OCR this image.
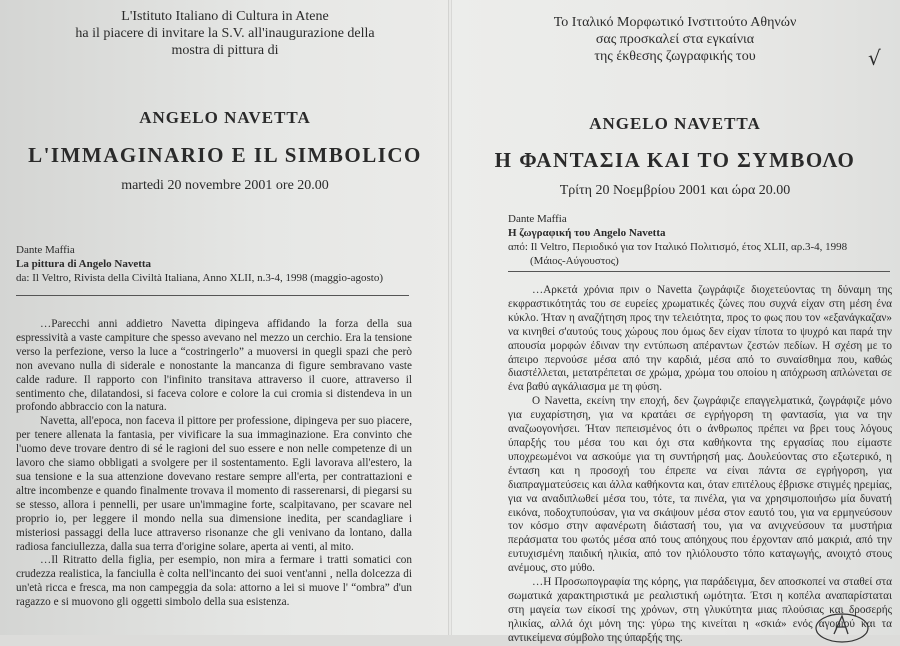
L'Istituto Italiano di Cultura in Atene
ha il piacere di invitare la S.V. all'inaugurazione della
mostra di pittura di
ANGELO NAVETTA
L'IMMAGINARIO E IL SIMBOLICO
martedi 20 novembre 2001 ore 20.00
Dante Maffia
La pittura di Angelo Navetta
da: Il Veltro, Rivista della Civiltà Italiana, Anno XLII, n.3-4, 1998 (maggio-agosto)

…Parecchi anni addietro Navetta dipingeva affidando la forza della sua espressività a vaste campiture che spesso avevano nel mezzo un cerchio. Era la tensione verso la perfezione, verso la luce a “costringerlo” a muoversi in quegli spazi che però non avevano nulla di siderale e nonostante la mancanza di figure sembravano vaste calde radure. Il rapporto con l'infinito transitava attraverso il cuore, attraverso il sentimento che, dilatandosi, si faceva colore e colore la cui cromia si distendeva in un profondo abbraccio con la natura.

Navetta, all'epoca, non faceva il pittore per professione, dipingeva per suo piacere, per tenere allenata la fantasia, per vivificare la sua immaginazione. Era convinto che l'uomo deve trovare dentro di sé le ragioni del suo essere e non nelle competenze di un lavoro che siamo obbligati a svolgere per il sostentamento. Egli lavorava all'estero, la sua tensione e la sua attenzione dovevano restare sempre all'erta, per contrattazioni e altre incombenze e quando finalmente trovava il momento di rasserenarsi, di piegarsi su se stesso, allora i pennelli, per usare un'immagine forte, scalpitavano, per scavare nel proprio io, per leggere il mondo nella sua dimensione inedita, per scandagliare i misteriosi passaggi della luce attraverso risonanze che gli venivano da lontano, dalla radiosa fanciullezza, dalla sua terra d'origine solare, aperta ai venti, al mito.

…Il Ritratto della figlia, per esempio, non mira a fermare i tratti somatici con crudezza realistica, la fanciulla è colta nell'incanto dei suoi vent'anni , nella dolcezza di un'età ricca e fresca, ma non campeggia da sola: attorno a lei si muove l' “ombra” d'un ragazzo e si muovono gli oggetti simbolo della sua esistenza.

Το Ιταλικό Μορφωτικό Ινστιτούτο Αθηνών
σας προσκαλεί στα εγκαίνια
της έκθεσης ζωγραφικής του
ANGELO NAVETTA
Η ΦΑΝΤΑΣΙΑ ΚΑΙ ΤΟ ΣΥΜΒΟΛΟ
Τρίτη 20 Νοεμβρίου 2001 και ώρα 20.00
Dante Maffia
Η ζωγραφική του Angelo Navetta
από: Il Veltro, Περιοδικό για τον Ιταλικό Πολιτισμό, έτος XLII, αρ.3-4, 1998
(Μάιος-Αύγουστος)

…Αρκετά χρόνια πριν ο Navetta ζωγράφιζε διοχετεύοντας τη δύναμη της εκφραστικότητάς του σε ευρείες χρωματικές ζώνες που συχνά είχαν στη μέση ένα κύκλο. Ήταν η αναζήτηση προς την τελειότητα, προς το φως που τον «εξανάγκαζαν» να κινηθεί σ'αυτούς τους χώρους που όμως δεν είχαν τίποτα το ψυχρό και παρά την απουσία μορφών έδιναν την εντύπωση απέραντων ζεστών πεδίων. Η σχέση με το άπειρο περνούσε μέσα από την καρδιά, μέσα από το συναίσθημα που, καθώς διαστέλλεται, μετατρέπεται σε χρώμα, χρώμα του οποίου η απόχρωση απλώνεται σε ένα βαθύ αγκάλιασμα με τη φύση.

Ο Navetta, εκείνη την εποχή, δεν ζωγράφιζε επαγγελματικά, ζωγράφιζε μόνο για ευχαρίστηση, για να κρατάει σε εγρήγορση τη φαντασία, για να την αναζωογονήσει. Ήταν πεπεισμένος ότι ο άνθρωπος πρέπει να βρει τους λόγους ύπαρξής του μέσα του και όχι στα καθήκοντα της εργασίας που είμαστε υποχρεωμένοι να ασκούμε για τη συντήρησή μας. Δουλεύοντας στο εξωτερικό, η ένταση και η προσοχή του έπρεπε να είναι πάντα σε εγρήγορση, για διαπραγματεύσεις και άλλα καθήκοντα και, όταν επιτέλους έβρισκε στιγμές ηρεμίας, για να αναδιπλωθεί μέσα του, τότε, τα πινέλα, για να χρησιμοποιήσω μία δυνατή εικόνα, ποδοχτυπούσαν, για να σκάψουν μέσα στον εαυτό του, για να ερμηνεύσουν τον κόσμο στην αφανέρωτη διάστασή του, για να ανιχνεύσουν τα μυστήρια περάσματα του φωτός μέσα από τους απόηχους που έρχονταν από μακριά, από την ευτυχισμένη παιδική ηλικία, από τον ηλιόλουστο τόπο καταγωγής, ανοιχτό στους ανέμους, στο μύθο.

…Η Προσωπογραφία της κόρης, για παράδειγμα, δεν αποσκοπεί να σταθεί στα σωματικά χαρακτηριστικά με ρεαλιστική ωμότητα. Έτσι η κοπέλα αναπαρίσταται στη μαγεία των είκοσί της χρόνων, στη γλυκύτητα μιας πλούσιας και δροσερής ηλικίας, αλλά όχι μόνη της: γύρω της κινείται η «σκιά» ενός αγοριού και τα αντικείμενα σύμβολο της ύπαρξής της.

√
